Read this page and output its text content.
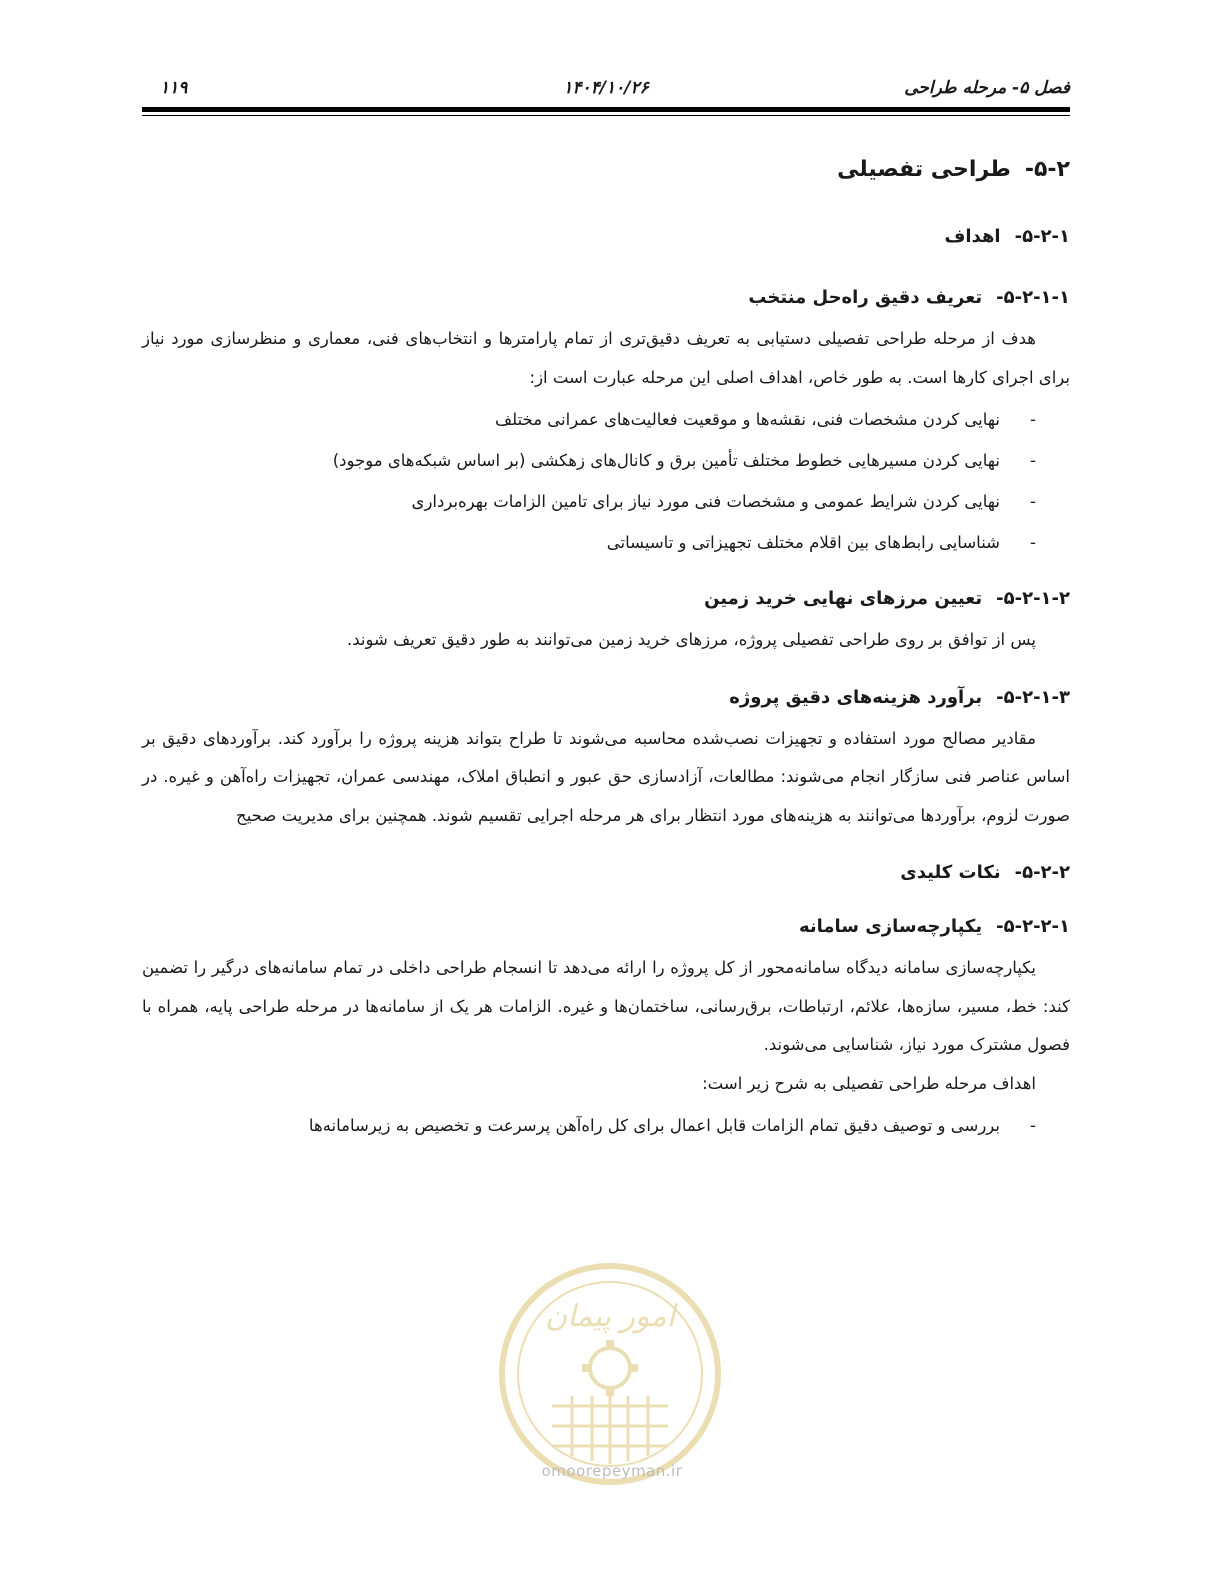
فصل ۵- مرحله طراحی
۱۴۰۴/۱۰/۲۶
۱۱۹
۵-۲-طراحی تفصیلی
۵-۲-۱-اهداف
۵-۲-۱-۱-تعریف دقیق راه‌حل منتخب

هدف از مرحله طراحی تفصیلی دستیابی به تعریف دقیق‌تری از تمام پارامترها و انتخاب‌های فنی، معماری و منظرسازی مورد نیاز برای اجرای کارها است. به طور خاص، اهداف اصلی این مرحله عبارت است از:

- نهایی کردن مشخصات فنی، نقشه‌ها و موقعیت فعالیت‌های عمرانی مختلف
- نهایی کردن مسیرهایی خطوط مختلف تأمین برق و کانال‌های زهکشی (بر اساس شبکه‌های موجود)
- نهایی کردن شرایط عمومی و مشخصات فنی مورد نیاز برای تامین الزامات بهره‌برداری
- شناسایی رابط‌های بین اقلام مختلف تجهیزاتی و تاسیساتی
۵-۲-۱-۲-تعیین مرزهای نهایی خرید زمین

پس از توافق بر روی طراحی تفصیلی پروژه، مرزهای خرید زمین می‌توانند به طور دقیق تعریف شوند.

۵-۲-۱-۳-برآورد هزینه‌های دقیق پروژه

مقادیر مصالح مورد استفاده و تجهیزات نصب‌شده محاسبه می‌شوند تا طراح بتواند هزینه پروژه را برآورد کند. برآوردهای دقیق بر اساس عناصر فنی سازگار انجام می‌شوند: مطالعات، آزادسازی حق عبور و انطباق املاک، مهندسی عمران، تجهیزات راه‌آهن و غیره. در صورت لزوم، برآوردها می‌توانند به هزینه‌های مورد انتظار برای هر مرحله اجرایی تقسیم شوند. همچنین برای مدیریت صحیح

۵-۲-۲-نکات کلیدی
۵-۲-۲-۱-یکپارچه‌سازی سامانه

یکپارچه‌سازی سامانه دیدگاه سامانه‌محور از کل پروژه را ارائه می‌دهد تا انسجام طراحی داخلی در تمام سامانه‌های درگیر را تضمین کند: خط، مسیر، سازه‌ها، علائم، ارتباطات، برق‌رسانی، ساختمان‌ها و غیره. الزامات هر یک از سامانه‌ها در مرحله طراحی پایه، همراه با فصول مشترک مورد نیاز، شناسایی می‌شوند.

اهداف مرحله طراحی تفصیلی به شرح زیر است:

- بررسی و توصیف دقیق تمام الزامات قابل اعمال برای کل راه‌آهن پرسرعت و تخصیص به زیرسامانه‌ها
امور پیمان
omoorepeyman.ir
